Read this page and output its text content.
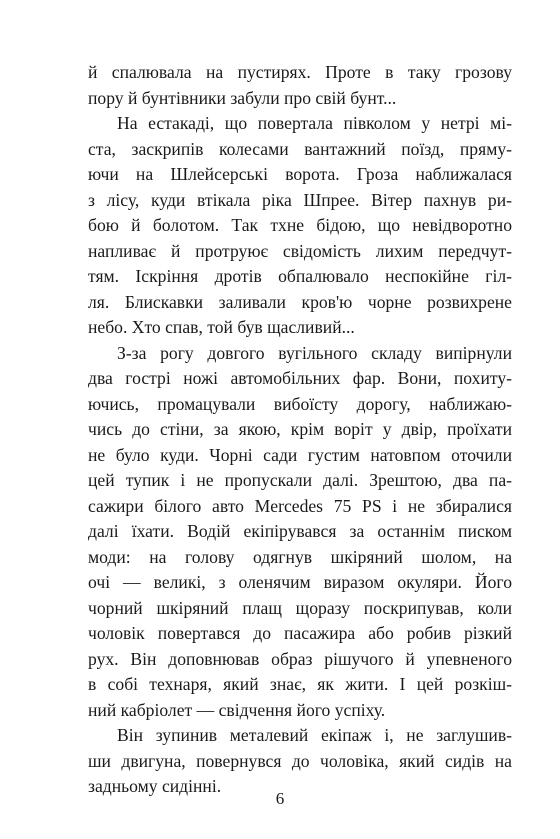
й спалювала на пустирях. Проте в таку грозову
пору й бунтівники забули про свій бунт...
На естакаді, що повертала півколом у нетрі мі-
ста, заскрипів колесами вантажний поїзд, пряму-
ючи на Шлейсерські ворота. Гроза наближалася
з лісу, куди втікала ріка Шпрее. Вітер пахнув ри-
бою й болотом. Так тхне бідою, що невідворотно
напливає й протруює свідомість лихим передчут-
тям. Іскріння дротів обпалювало неспокійне гіл-
ля. Блискавки заливали кров'ю чорне розвихрене
небо. Хто спав, той був щасливий...
З-за рогу довгого вугільного складу випірнули
два гострі ножі автомобільних фар. Вони, похиту-
ючись, промацували вибоїсту дорогу, наближаю-
чись до стіни, за якою, крім воріт у двір, проїхати
не було куди. Чорні сади густим натовпом оточили
цей тупик і не пропускали далі. Зрештою, два па-
сажири білого авто Mercedes 75 PS і не збиралися
далі їхати. Водій екіпірувався за останнім писком
моди: на голову одягнув шкіряний шолом, на
очі — великі, з оленячим виразом окуляри. Його
чорний шкіряний плащ щоразу поскрипував, коли
чоловік повертався до пасажира або робив різкий
рух. Він доповнював образ рішучого й упевненого
в собі технаря, який знає, як жити. І цей розкіш-
ний кабріолет — свідчення його успіху.
Він зупинив металевий екіпаж і, не заглушив-
ши двигуна, повернувся до чоловіка, який сидів на
задньому сидінні.
6
